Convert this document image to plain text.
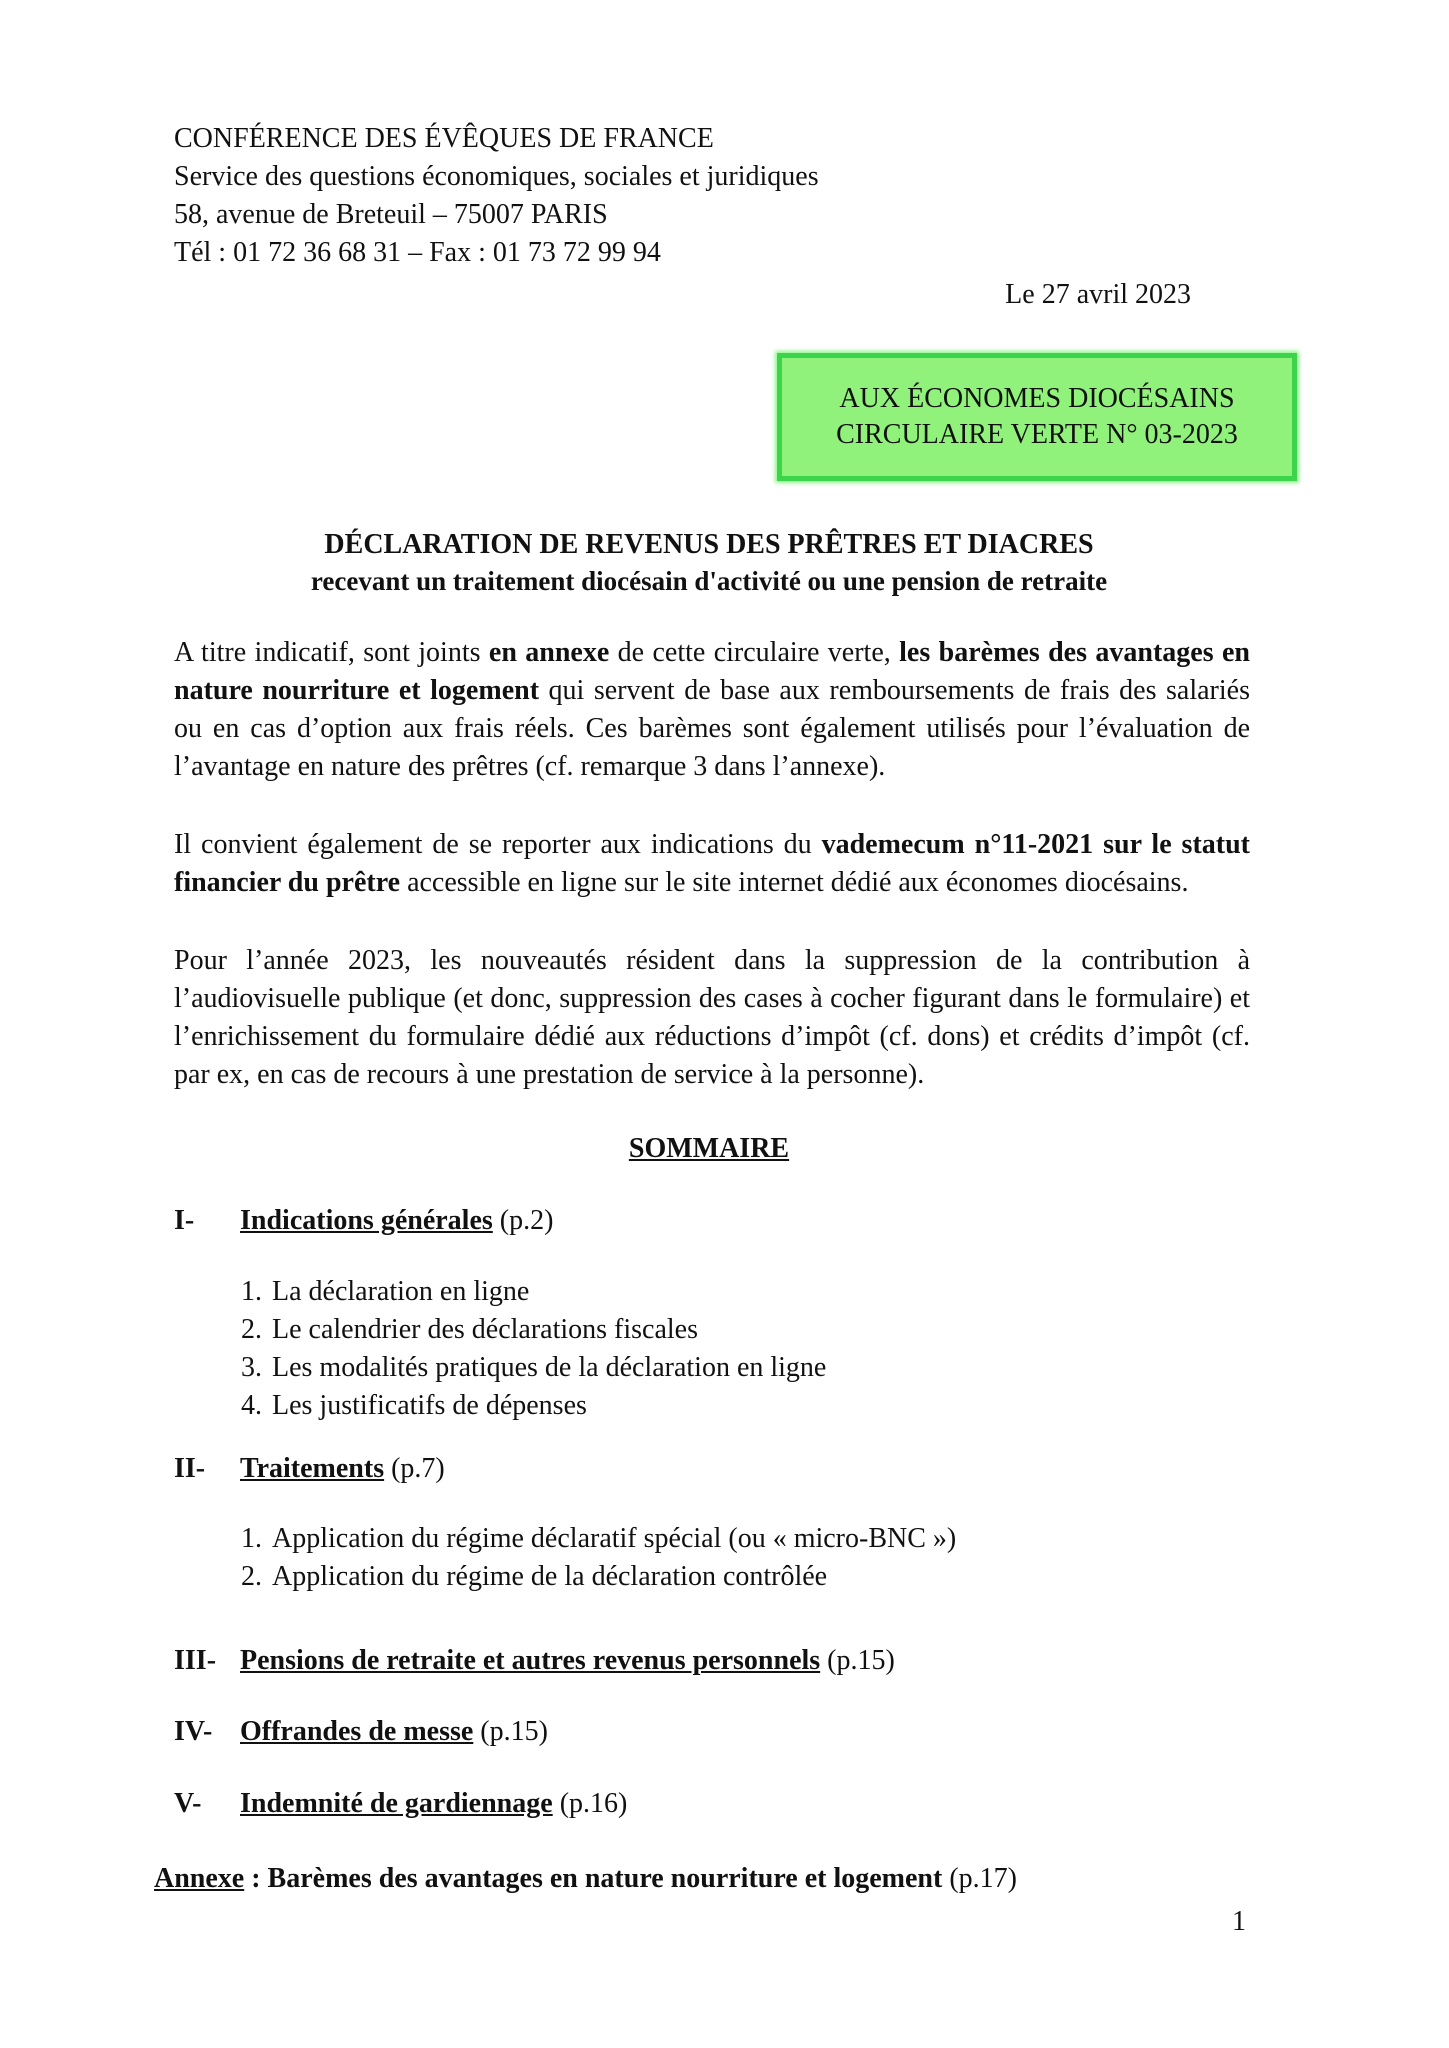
CONFÉRENCE DES ÉVÊQUES DE FRANCE
Service des questions économiques, sociales et juridiques
58, avenue de Breteuil – 75007 PARIS
Tél : 01 72 36 68 31 – Fax : 01 73 72 99 94
Le 27 avril 2023
AUX ÉCONOMES DIOCÉSAINS
CIRCULAIRE VERTE N° 03-2023
DÉCLARATION DE REVENUS DES PRÊTRES ET DIACRES
recevant un traitement diocésain d'activité ou une pension de retraite
A titre indicatif, sont joints en annexe de cette circulaire verte, les barèmes des avantages en nature nourriture et logement qui servent de base aux remboursements de frais des salariés ou en cas d’option aux frais réels. Ces barèmes sont également utilisés pour l’évaluation de l’avantage en nature des prêtres (cf. remarque 3 dans l’annexe).
Il convient également de se reporter aux indications du vademecum n°11-2021 sur le statut financier du prêtre accessible en ligne sur le site internet dédié aux économes diocésains.
Pour l’année 2023, les nouveautés résident dans la suppression de la contribution à l’audiovisuelle publique (et donc, suppression des cases à cocher figurant dans le formulaire) et l’enrichissement du formulaire dédié aux réductions d’impôt (cf. dons) et crédits d’impôt (cf. par ex, en cas de recours à une prestation de service à la personne).
SOMMAIRE
I- Indications générales (p.2)
1. La déclaration en ligne
2. Le calendrier des déclarations fiscales
3. Les modalités pratiques de la déclaration en ligne
4. Les justificatifs de dépenses
II- Traitements (p.7)
1. Application du régime déclaratif spécial (ou « micro-BNC »)
2. Application du régime de la déclaration contrôlée
III- Pensions de retraite et autres revenus personnels (p.15)
IV- Offrandes de messe (p.15)
V- Indemnité de gardiennage (p.16)
Annexe : Barèmes des avantages en nature nourriture et logement (p.17)
1
